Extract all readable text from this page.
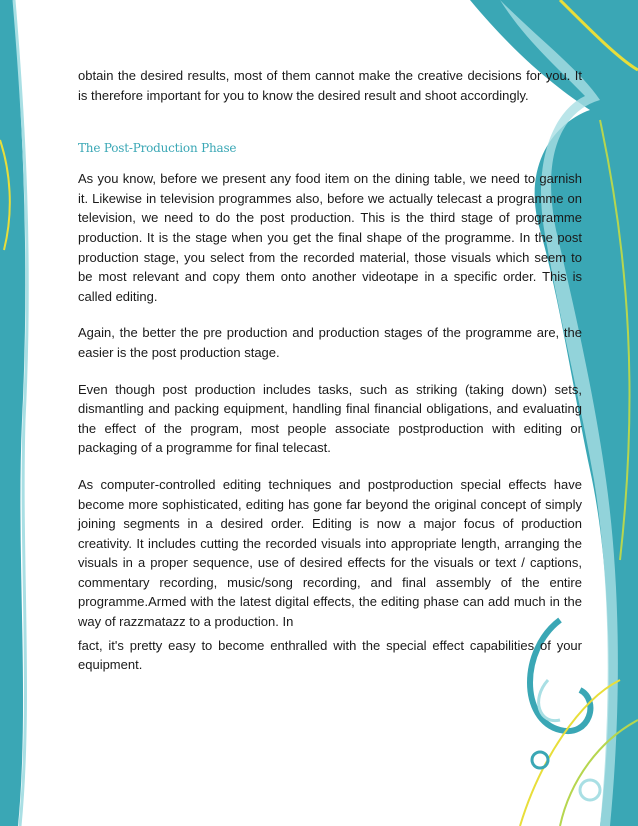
obtain the desired results, most of them cannot make the creative decisions for you. It is therefore important for you to know the desired result and shoot accordingly.

The Post-Production Phase

As you know, before we present any food item on the dining table, we need to garnish it. Likewise in television programmes also, before we actually telecast a programme on television, we need to do the post production. This is the third stage of programme production. It is the stage when you get the final shape of the programme. In the post production stage, you select from the recorded material, those visuals which seem to be most relevant and copy them onto another videotape in a specific order. This is called editing.

Again, the better the pre production and production stages of the programme are, the easier is the post production stage.

Even though post production includes tasks, such as striking (taking down) sets, dismantling and packing equipment, handling final financial obligations, and evaluating the effect of the program, most people associate postproduction with editing or packaging of a programme for final telecast.

As computer-controlled editing techniques and postproduction special effects have become more sophisticated, editing has gone far beyond the original concept of simply joining segments in a desired order. Editing is now a major focus of production creativity. It includes cutting the recorded visuals into appropriate length, arranging the visuals in a proper sequence, use of desired effects for the visuals or text / captions, commentary recording, music/song recording, and final assembly of the entire programme.Armed with the latest digital effects, the editing phase can add much in the way of razzmatazz to a production. In

fact, it's pretty easy to become enthralled with the special effect capabilities of your equipment.
